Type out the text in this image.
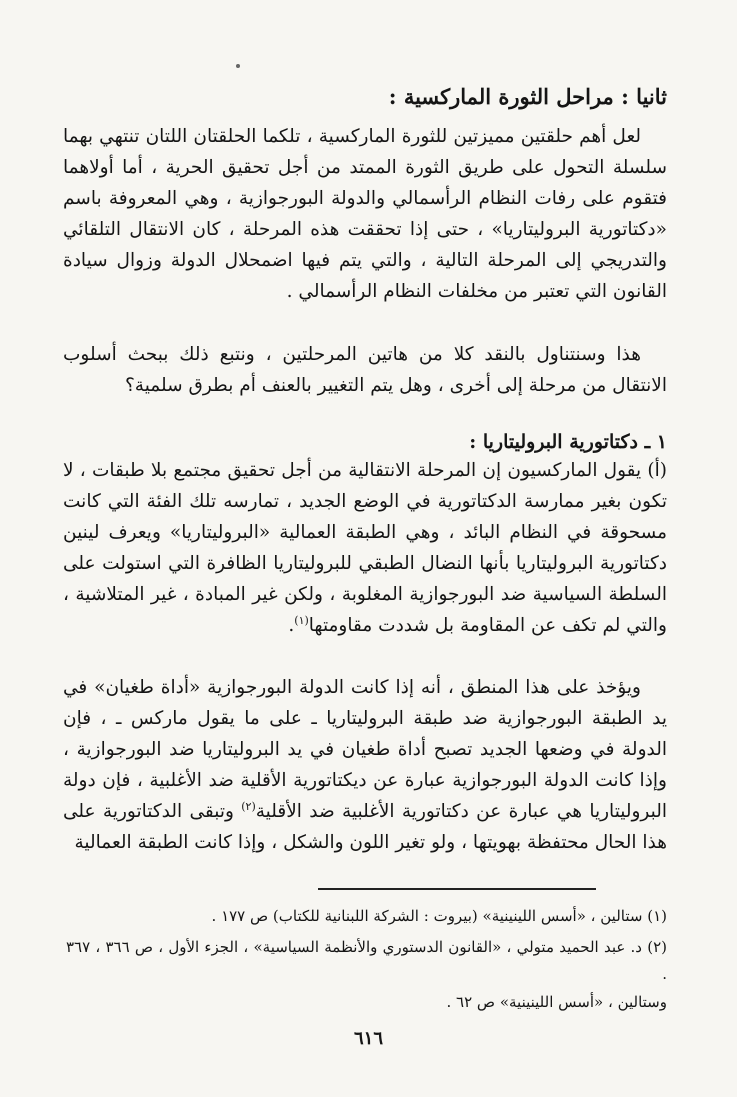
ثانيا : مراحل الثورة الماركسية :

لعل أهم حلقتين مميزتين للثورة الماركسية ، تلكما الحلقتان اللتان تنتهي بهما سلسلة التحول على طريق الثورة الممتد من أجل تحقيق الحرية ، أما أولاهما فتقوم على رفات النظام الرأسمالي والدولة البورجوازية ، وهي المعروفة باسم «دكتاتورية البروليتاريا» ، حتى إذا تحققت هذه المرحلة ، كان الانتقال التلقائي والتدريجي إلى المرحلة التالية ، والتي يتم فيها اضمحلال الدولة وزوال سيادة القانون التي تعتبر من مخلفات النظام الرأسمالي .

هذا وسنتناول بالنقد كلا من هاتين المرحلتين ، ونتبع ذلك ببحث أسلوب الانتقال من مرحلة إلى أخرى ، وهل يتم التغيير بالعنف أم بطرق سلمية؟

١ ـ دكتاتورية البروليتاريا :

(أ) يقول الماركسيون إن المرحلة الانتقالية من أجل تحقيق مجتمع بلا طبقات ، لا تكون بغير ممارسة الدكتاتورية في الوضع الجديد ، تمارسه تلك الفئة التي كانت مسحوقة في النظام البائد ، وهي الطبقة العمالية «البروليتاريا» ويعرف لينين دكتاتورية البروليتاريا بأنها النضال الطبقي للبروليتاريا الظافرة التي استولت على السلطة السياسية ضد البورجوازية المغلوبة ، ولكن غير المبادة ، غير المتلاشية ، والتي لم تكف عن المقاومة بل شددت مقاومتها$^{(١)}$.

ويؤخذ على هذا المنطق ، أنه إذا كانت الدولة البورجوازية «أداة طغيان» في يد الطبقة البورجوازية ضد طبقة البروليتاريا ـ على ما يقول ماركس ـ ، فإن الدولة في وضعها الجديد تصبح أداة طغيان في يد البروليتاريا ضد البورجوازية ، وإذا كانت الدولة البورجوازية عبارة عن ديكتاتورية الأقلية ضد الأغلبية ، فإن دولة البروليتاريا هي عبارة عن دكتاتورية الأغلبية ضد الأقلية$^{(٢)}$ وتبقى الدكتاتورية على هذا الحال محتفظة بهويتها ، ولو تغير اللون والشكل ، وإذا كانت الطبقة العمالية

(١) ستالين ، «أسس اللينينية» (بيروت : الشركة اللبنانية للكتاب) ص ١٧٧ .

(٢) د. عبد الحميد متولي ، «القانون الدستوري والأنظمة السياسية» ، الجزء الأول ، ص ٣٦٦ ، ٣٦٧ .

وستالين ، «أسس اللينينية» ص ٦٢ .

٦١٦
